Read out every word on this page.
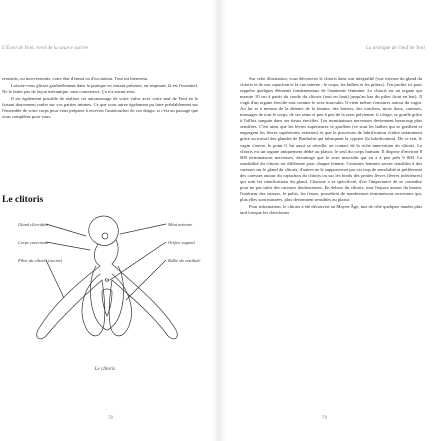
L'Éveil de Yoni, éveil de la source sacrée

ressentis, ou non-ressentis, votre état d'ennui ou d'excitation. Tout est bienvenu.

Laissez-vous glisser graduellement dans la pratique en restant présente, en respirant, là est l'essentiel. Ne le faites pas de façon mécanique, sans conscience. Ça n'a aucun sens.

Il est également possible de réaliser cet automassage de votre vulve avec votre œuf de Yoni en le faisant doucement rouler sur vos parties intimes. Ce que vous aurez également pu faire préalablement sur l'ensemble de votre corps pour vous préparer à recevoir l'autotoucher de vos doigts, si c'est un passage que vous complétez pour vous.

Le clitoris
Gland clitoridien
Corps caverneux
Pilier du clitoris (racine)
Méat urinaire
Orifice vaginal
Bulbe du vestibule
Le clitoris
78
La pratique de l'œuf de Yoni

Sur cette illustration, vous découvrez le clitoris dans son intégralité (vue externe du gland du clitoris et de son capuchon et la vue interne : le corps, les bulbes et les piliers). J'en profite ici pour rappeler quelques éléments fondamentaux de l'anatomie féminine. Le clitoris est un organe qui mesure 10 cm à partir du coude du clitoris (tout en haut) jusqu'au bas du pilier (tout en bas). Il s'agit d'un organe érectile tout comme le sexe masculin. Il vient même s'entourer autour du vagin. Au fur et à mesure de la détente de la femme, des baisers, des touchers, mots doux, caresses, massages de tout le corps, de ses seins et peu à peu de la zone pelvienne, il s'érige, se gonfle grâce à l'afflux sanguin dans ses tissus érectiles. Les terminaisons nerveuses deviennent beaucoup plus sensibles. C'est ainsi que les lèvres supérieures se gonflent (ce sont les bulbes qui se gonflent et engorgent les lèvres supérieures externes) et que le processus de lubrification s'initie notamment grâce au travail des glandes de Bartholin qui fabriquent la cyprine (la lubrification). De ce fait, le vagin s'ouvre, le point G lui aussi se réveille, au contact de la riche innervation du clitoris. Le clitoris est un organe uniquement dédié au plaisir, le seul du corps humain. Il dispose d'environ 8 000 terminaisons nerveuses, davantage que le sexe masculin qui en a à peu près 6 000. La sensibilité du clitoris est différente pour chaque femme. Certaines femmes seront sensibles à des caresses sur le gland du clitoris, d'autres ne le supporteront pas car trop de sensibilité et préféreront des caresses autour du capuchon du clitoris ou sur les bords des petites lèvres (lèvres inférieures) qui sont les ramifications du gland. Chacune a sa spécificité, d'où l'importance de se connaître pour ne pas subir des caresses douloureuses. En dehors du clitoris, tout l'espace autour du bassin, l'intérieur des cuisses, le pubis, les fesses, possèdent de nombreuses terminaisons nerveuses qui, plus elles sont massées, plus deviennent sensibles au plaisir.

Pour information, le clitoris a été découvert au Moyen Âge, mis de côté quelques années plus tard lorsque les chercheurs

79
